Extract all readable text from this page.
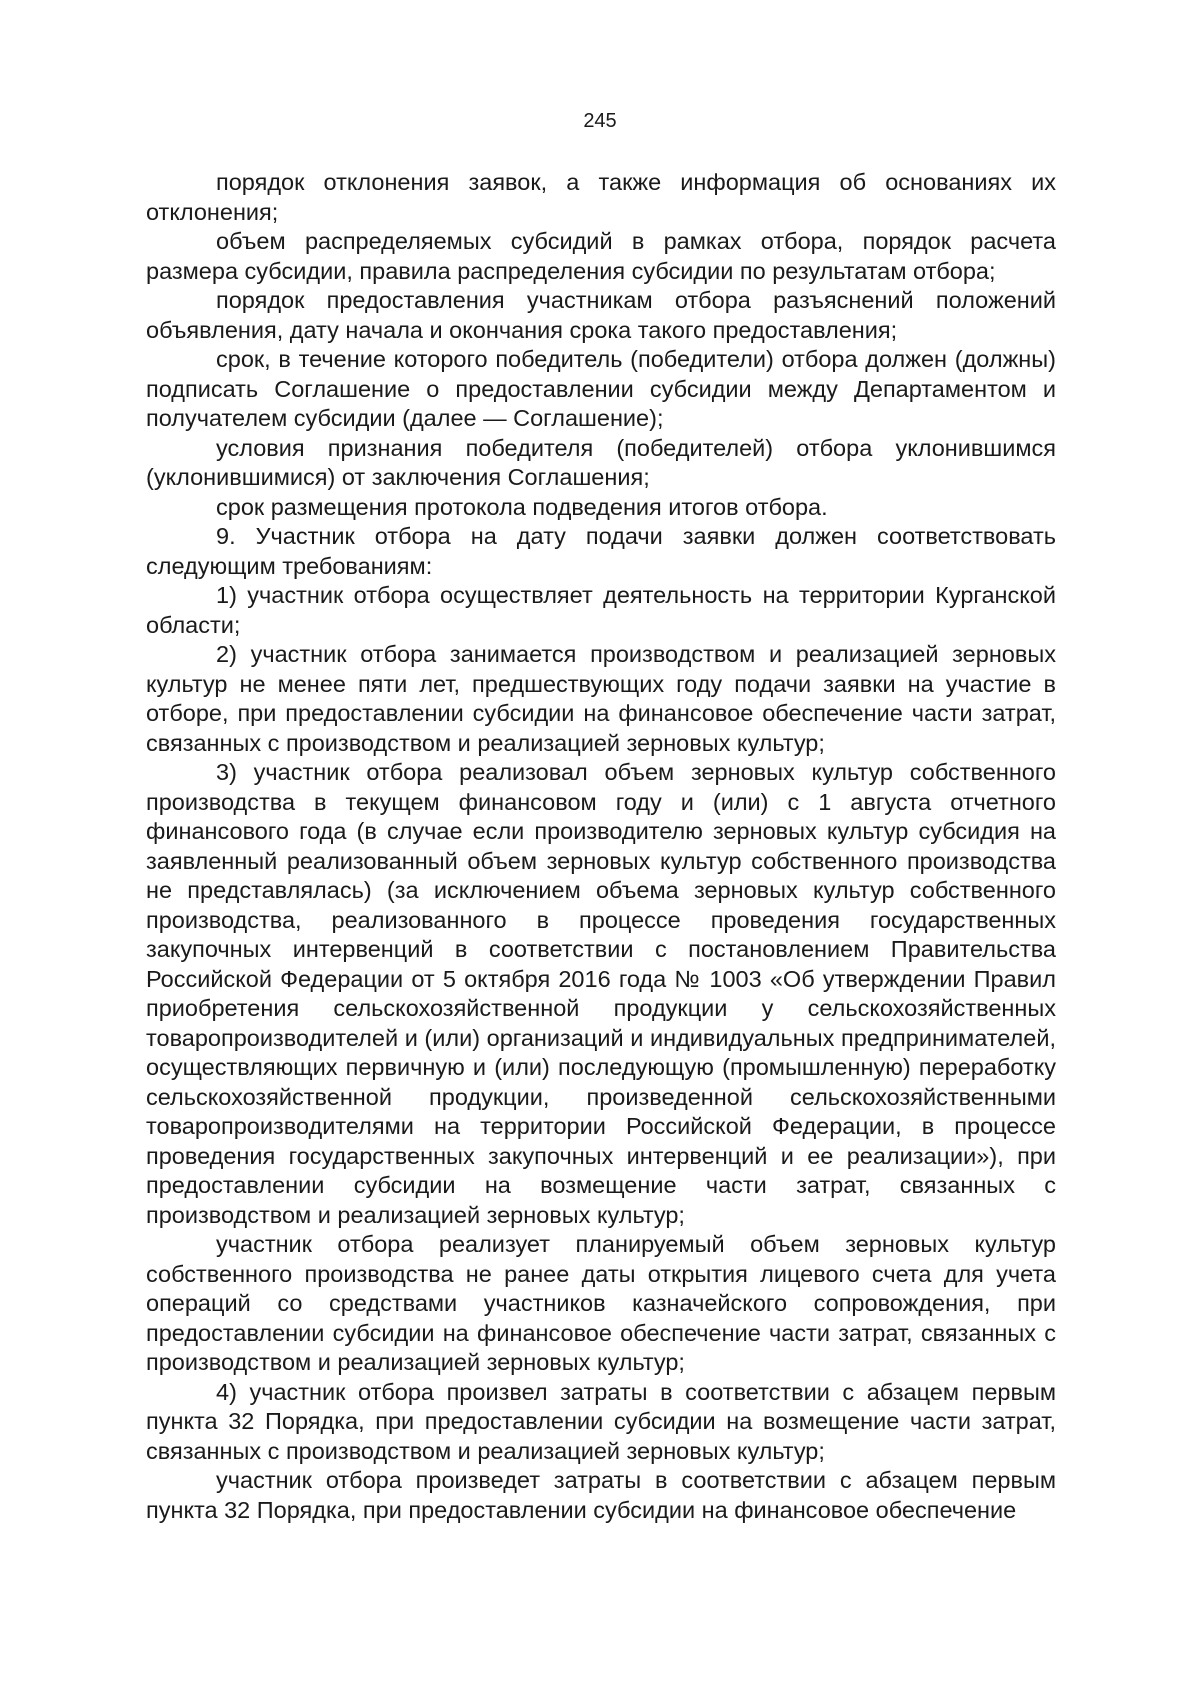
245

порядок отклонения заявок, а также информация об основаниях их отклонения;

объем распределяемых субсидий в рамках отбора, порядок расчета размера субсидии, правила распределения субсидии по результатам отбора;

порядок предоставления участникам отбора разъяснений положений объявления, дату начала и окончания срока такого предоставления;

срок, в течение которого победитель (победители) отбора должен (должны) подписать Соглашение о предоставлении субсидии между Департаментом и получателем субсидии (далее — Соглашение);

условия признания победителя (победителей) отбора уклонившимся (уклонившимися) от заключения Соглашения;

срок размещения протокола подведения итогов отбора.

9. Участник отбора на дату подачи заявки должен соответствовать следующим требованиям:

1) участник отбора осуществляет деятельность на территории Курганской области;

2) участник отбора занимается производством и реализацией зерновых культур не менее пяти лет, предшествующих году подачи заявки на участие в отборе, при предоставлении субсидии на финансовое обеспечение части затрат, связанных с производством и реализацией зерновых культур;

3) участник отбора реализовал объем зерновых культур собственного производства в текущем финансовом году и (или) с 1 августа отчетного финансового года (в случае если производителю зерновых культур субсидия на заявленный реализованный объем зерновых культур собственного производства не представлялась) (за исключением объема зерновых культур собственного производства, реализованного в процессе проведения государственных закупочных интервенций в соответствии с постановлением Правительства Российской Федерации от 5 октября 2016 года № 1003 «Об утверждении Правил приобретения сельскохозяйственной продукции у сельскохозяйственных товаропроизводителей и (или) организаций и индивидуальных предпринимателей, осуществляющих первичную и (или) последующую (промышленную) переработку сельскохозяйственной продукции, произведенной сельскохозяйственными товаропроизводителями на территории Российской Федерации, в процессе проведения государственных закупочных интервенций и ее реализации»), при предоставлении субсидии на возмещение части затрат, связанных с производством и реализацией зерновых культур;

участник отбора реализует планируемый объем зерновых культур собственного производства не ранее даты открытия лицевого счета для учета операций со средствами участников казначейского сопровождения, при предоставлении субсидии на финансовое обеспечение части затрат, связанных с производством и реализацией зерновых культур;

4) участник отбора произвел затраты в соответствии с абзацем первым пункта 32 Порядка, при предоставлении субсидии на возмещение части затрат, связанных с производством и реализацией зерновых культур;

участник отбора произведет затраты в соответствии с абзацем первым пункта 32 Порядка, при предоставлении субсидии на финансовое обеспечение
